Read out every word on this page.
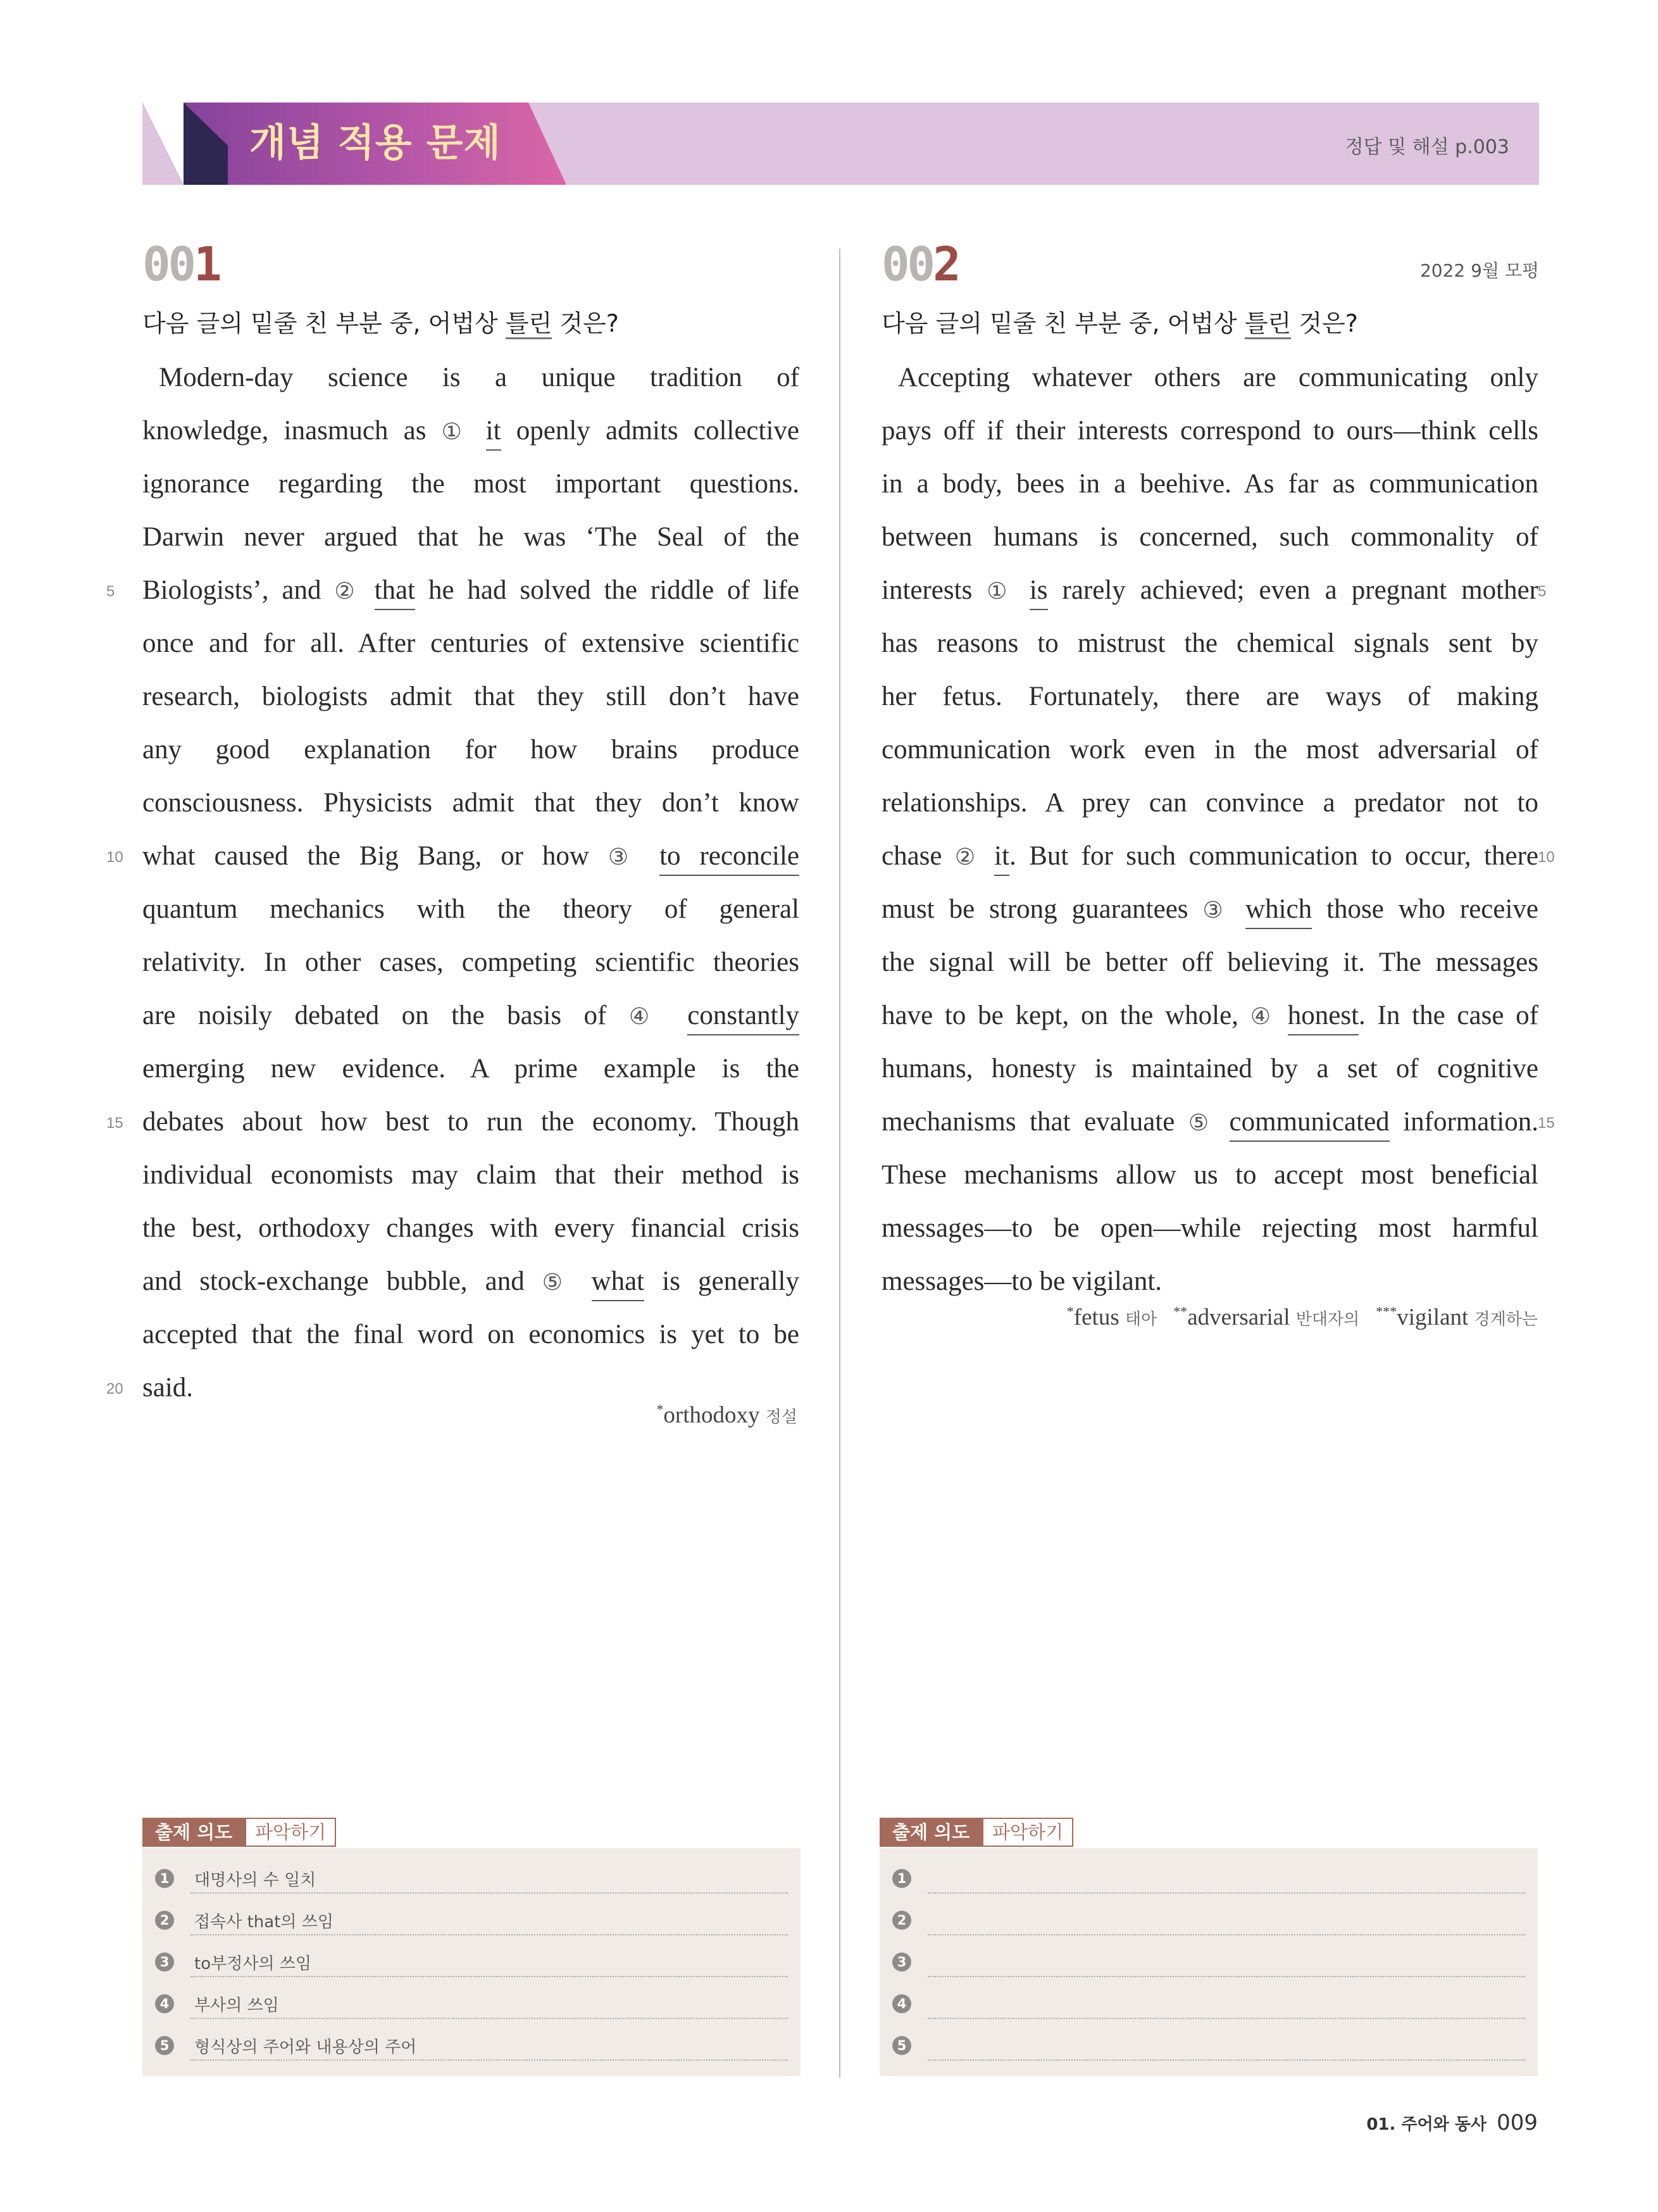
개념 적용 문제	정답 및 해설 p.003
001
다음 글의 밑줄 친 부분 중, 어법상 틀린 것은?
Modern-day science is a unique tradition of
knowledge, inasmuch as ① it openly admits collective
ignorance regarding the most important questions.
Darwin never argued that he was ‘The Seal of the
Biologists’, and ② that he had solved the riddle of life
once and for all. After centuries of extensive scientific
research, biologists admit that they still don’t have
any good explanation for how brains produce
consciousness. Physicists admit that they don’t know
what caused the Big Bang, or how ③ to reconcile
quantum mechanics with the theory of general
relativity. In other cases, competing scientific theories
are noisily debated on the basis of ④ constantly
emerging new evidence. A prime example is the
debates about how best to run the economy. Though
individual economists may claim that their method is
the best, orthodoxy changes with every financial crisis
and stock-exchange bubble, and ⑤ what is generally
accepted that the final word on economics is yet to be
said.
*orthodoxy 정설
출제 의도	파악하기
1 대명사의 수 일치
2 접속사 that의 쓰임
3 to부정사의 쓰임
4 부사의 쓰임
5 형식상의 주어와 내용상의 주어
002	2022 9월 모평
다음 글의 밑줄 친 부분 중, 어법상 틀린 것은?
Accepting whatever others are communicating only
pays off if their interests correspond to ours—think cells
in a body, bees in a beehive. As far as communication
between humans is concerned, such commonality of
interests ① is rarely achieved; even a pregnant mother
has reasons to mistrust the chemical signals sent by
her fetus. Fortunately, there are ways of making
communication work even in the most adversarial of
relationships. A prey can convince a predator not to
chase ② it. But for such communication to occur, there
must be strong guarantees ③ which those who receive
the signal will be better off believing it. The messages
have to be kept, on the whole, ④ honest. In the case of
humans, honesty is maintained by a set of cognitive
mechanisms that evaluate ⑤ communicated information.
These mechanisms allow us to accept most beneficial
messages—to be open—while rejecting most harmful
messages—to be vigilant.
*fetus 태아 **adversarial 반대자의 ***vigilant 경계하는
출제 의도	파악하기
1
2
3
4
5
01. 주어와 동사 009
5
10
15
20
5
10
15
